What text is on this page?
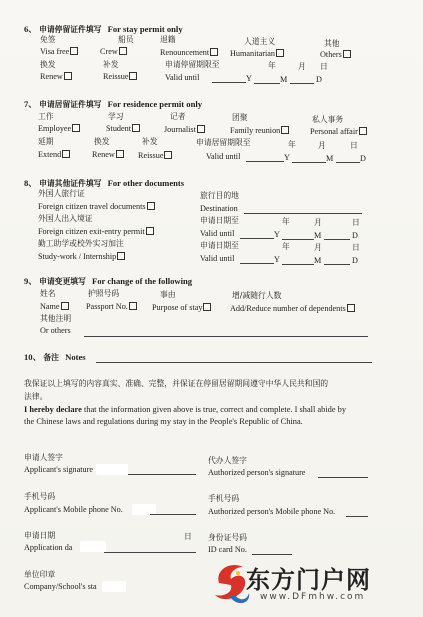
6、 申请停留证件填写 For stay permit only
免签	船员	退籍	人道主义	其他
Visa free	Crew	Renouncement	Humanitarian	Others
换发	补发	申请停留期限至	年	月 日
Renew	Reissue	Valid until	Y	M	D
7、 申请居留证件填写 For residence permit only
工作	学习	记者	团聚	私人事务
Employee	Student	Journalist	Family reunion	Personal affair
延期	换发	补发	申请居留期限至	年	月	日
Extend	Renew	Reissue	Valid until	Y	M	D
8、 申请其他证件填写 For other documents
外国人旅行证	旅行目的地
Foreign citizen travel documents	Destination
外国人出入境证	申请日期至	年	月	日
Foreign citizen exit-entry permit	Valid until	Y	M	D
勤工助学或校外实习加注	申请日期至	年	月	日
Study-work / Internship	Valid until	Y	M	D
9、 申请变更填写 For change of the following
姓名	护照号码	事由	增/减随行人数
Name	Passport No.	Purpose of stay	Add/Reduce number of dependents
其他注明
Or others
10、 备注 Notes
我保证以上填写的内容真实、准确、完整，并保证在停留居留期间遵守中华人民共和国的
法律。
I hereby declare that the information given above is true, correct and complete. I shall abide by
the Chinese laws and regulations during my stay in the People's Republic of China.
申请人签字
Applicant's signature
代办人签字
Authorized person's signature
手机号码
Applicant's Mobile phone No.
手机号码
Authorized person's Mobile phone No.
申请日期	日
Application da
身份证号码
ID card No.
单位印章
Company/School's sta	东方门户网
www.DFmhw.com
